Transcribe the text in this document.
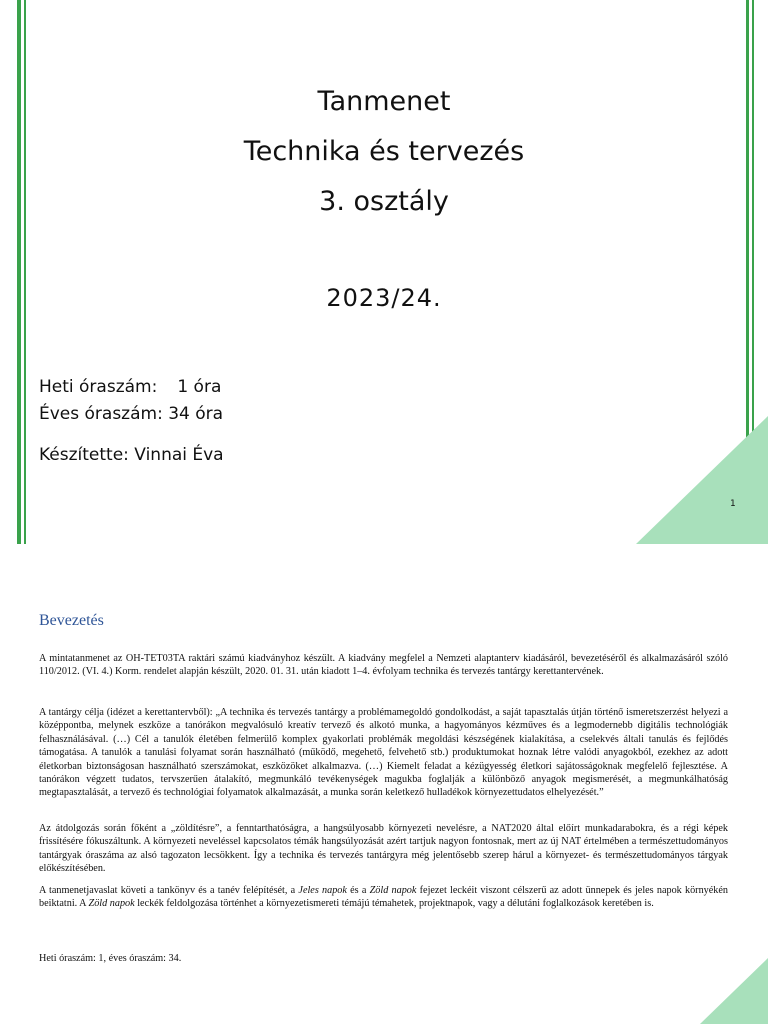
Tanmenet
Technika és tervezés
3. osztály
2023/24.
Heti óraszám: 1 óra
Éves óraszám: 34 óra
Készítette: Vinnai Éva
1
Bevezetés

A mintatanmenet az OH-TET03TA raktári számú kiadványhoz készült. A kiadvány megfelel a Nemzeti alaptanterv kiadásáról, bevezetéséről és alkalmazásáról szóló 110/2012. (VI. 4.) Korm. rendelet alapján készült, 2020. 01. 31. után kiadott 1–4. évfolyam technika és tervezés tantárgy kerettantervének.

A tantárgy célja (idézet a kerettantervből): „A technika és tervezés tantárgy a problémamegoldó gondolkodást, a saját tapasztalás útján történő ismeretszerzést helyezi a középpontba, melynek eszköze a tanórákon megvalósuló kreatív tervező és alkotó munka, a hagyományos kézműves és a legmodernebb digitális technológiák felhasználásával. (…) Cél a tanulók életében felmerülő komplex gyakorlati problémák megoldási készségének kialakítása, a cselekvés általi tanulás és fejlődés támogatása. A tanulók a tanulási folyamat során használható (működő, megehető, felvehető stb.) produktumokat hoznak létre valódi anyagokból, ezekhez az adott életkorban biztonságosan használható szerszámokat, eszközöket alkalmazva. (…) Kiemelt feladat a kézügyesség életkori sajátosságoknak megfelelő fejlesztése. A tanórákon végzett tudatos, tervszerűen átalakító, megmunkáló tevékenységek magukba foglalják a különböző anyagok megismerését, a megmunkálhatóság megtapasztalását, a tervező és technológiai folyamatok alkalmazását, a munka során keletkező hulladékok környezettudatos elhelyezését.”

Az átdolgozás során főként a „zöldítésre”, a fenntarthatóságra, a hangsúlyosabb környezeti nevelésre, a NAT2020 által előírt munkadarabokra, és a régi képek frissítésére fókuszáltunk. A környezeti neveléssel kapcsolatos témák hangsúlyozását azért tartjuk nagyon fontosnak, mert az új NAT értelmében a természettudományos tantárgyak óraszáma az alsó tagozaton lecsökkent. Így a technika és tervezés tantárgyra még jelentősebb szerep hárul a környezet- és természettudományos tárgyak előkészítésében.

A tanmenetjavaslat követi a tankönyv és a tanév felépítését, a Jeles napok és a Zöld napok fejezet leckéit viszont célszerű az adott ünnepek és jeles napok környékén beiktatni. A Zöld napok leckék feldolgozása történhet a környezetismereti témájú témahetek, projektnapok, vagy a délutáni foglalkozások keretében is.

Heti óraszám: 1, éves óraszám: 34.
